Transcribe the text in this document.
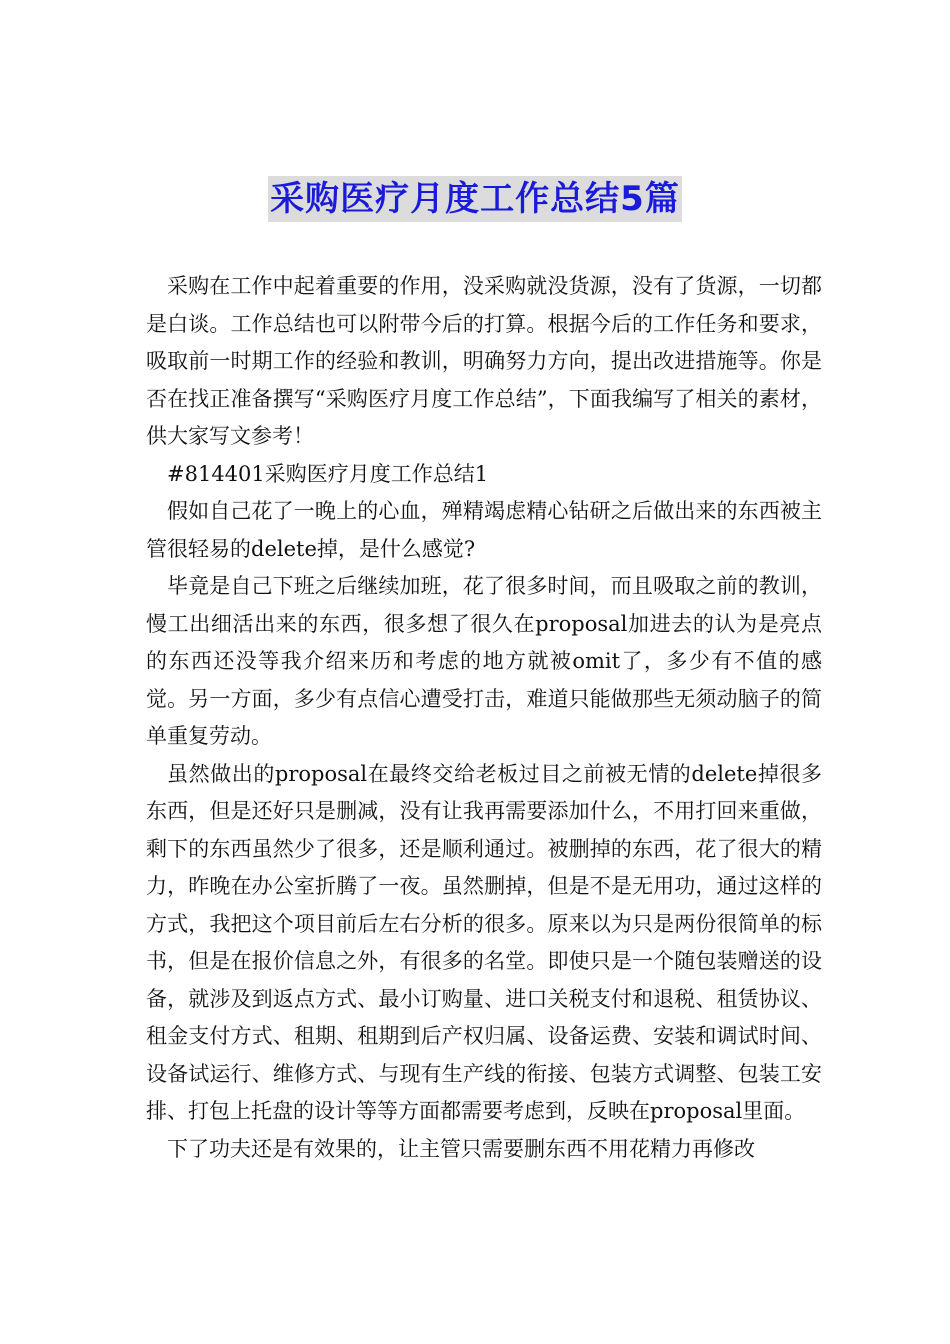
采购医疗月度工作总结5篇

采购在工作中起着重要的作用，没采购就没货源，没有了货源，一切都是白谈。工作总结也可以附带今后的打算。根据今后的工作任务和要求，吸取前一时期工作的经验和教训，明确努力方向，提出改进措施等。你是否在找正准备撰写“采购医疗月度工作总结”，下面我编写了相关的素材，供大家写文参考！

#814401采购医疗月度工作总结1

假如自己花了一晚上的心血，殚精竭虑精心钻研之后做出来的东西被主管很轻易的delete掉，是什么感觉?

毕竟是自己下班之后继续加班，花了很多时间，而且吸取之前的教训，慢工出细活出来的东西，很多想了很久在proposal加进去的认为是亮点的东西还没等我介绍来历和考虑的地方就被omit了，多少有不值的感觉。另一方面，多少有点信心遭受打击，难道只能做那些无须动脑子的简单重复劳动。

虽然做出的proposal在最终交给老板过目之前被无情的delete掉很多东西，但是还好只是删减，没有让我再需要添加什么，不用打回来重做，剩下的东西虽然少了很多，还是顺利通过。被删掉的东西，花了很大的精力，昨晚在办公室折腾了一夜。虽然删掉，但是不是无用功，通过这样的方式，我把这个项目前后左右分析的很多。原来以为只是两份很简单的标书，但是在报价信息之外，有很多的名堂。即使只是一个随包装赠送的设备，就涉及到返点方式、最小订购量、进口关税支付和退税、租赁协议、租金支付方式、租期、租期到后产权归属、设备运费、安装和调试时间、设备试运行、维修方式、与现有生产线的衔接、包装方式调整、包装工安排、打包上托盘的设计等等方面都需要考虑到，反映在proposal里面。

下了功夫还是有效果的，让主管只需要删东西不用花精力再修改
